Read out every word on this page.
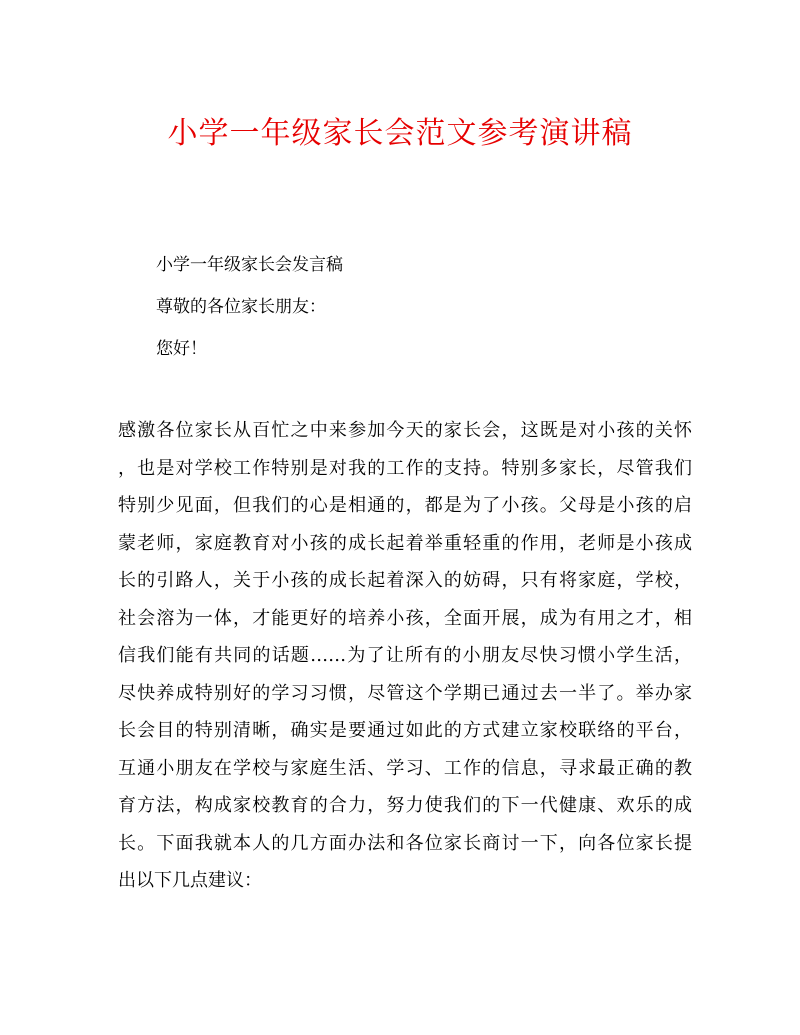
小学一年级家长会范文参考演讲稿
小学一年级家长会发言稿
尊敬的各位家长朋友：
您好！
感激各位家长从百忙之中来参加今天的家长会，这既是对小孩的关怀
，也是对学校工作特别是对我的工作的支持。特别多家长，尽管我们
特别少见面，但我们的心是相通的，都是为了小孩。父母是小孩的启
蒙老师，家庭教育对小孩的成长起着举重轻重的作用，老师是小孩成
长的引路人，关于小孩的成长起着深入的妨碍，只有将家庭，学校，
社会溶为一体，才能更好的培养小孩，全面开展，成为有用之才，相
信我们能有共同的话题……为了让所有的小朋友尽快习惯小学生活，
尽快养成特别好的学习习惯，尽管这个学期已通过去一半了。举办家
长会目的特别清晰，确实是要通过如此的方式建立家校联络的平台，
互通小朋友在学校与家庭生活、学习、工作的信息，寻求最正确的教
育方法，构成家校教育的合力，努力使我们的下一代健康、欢乐的成
长。下面我就本人的几方面办法和各位家长商讨一下，向各位家长提
出以下几点建议：
